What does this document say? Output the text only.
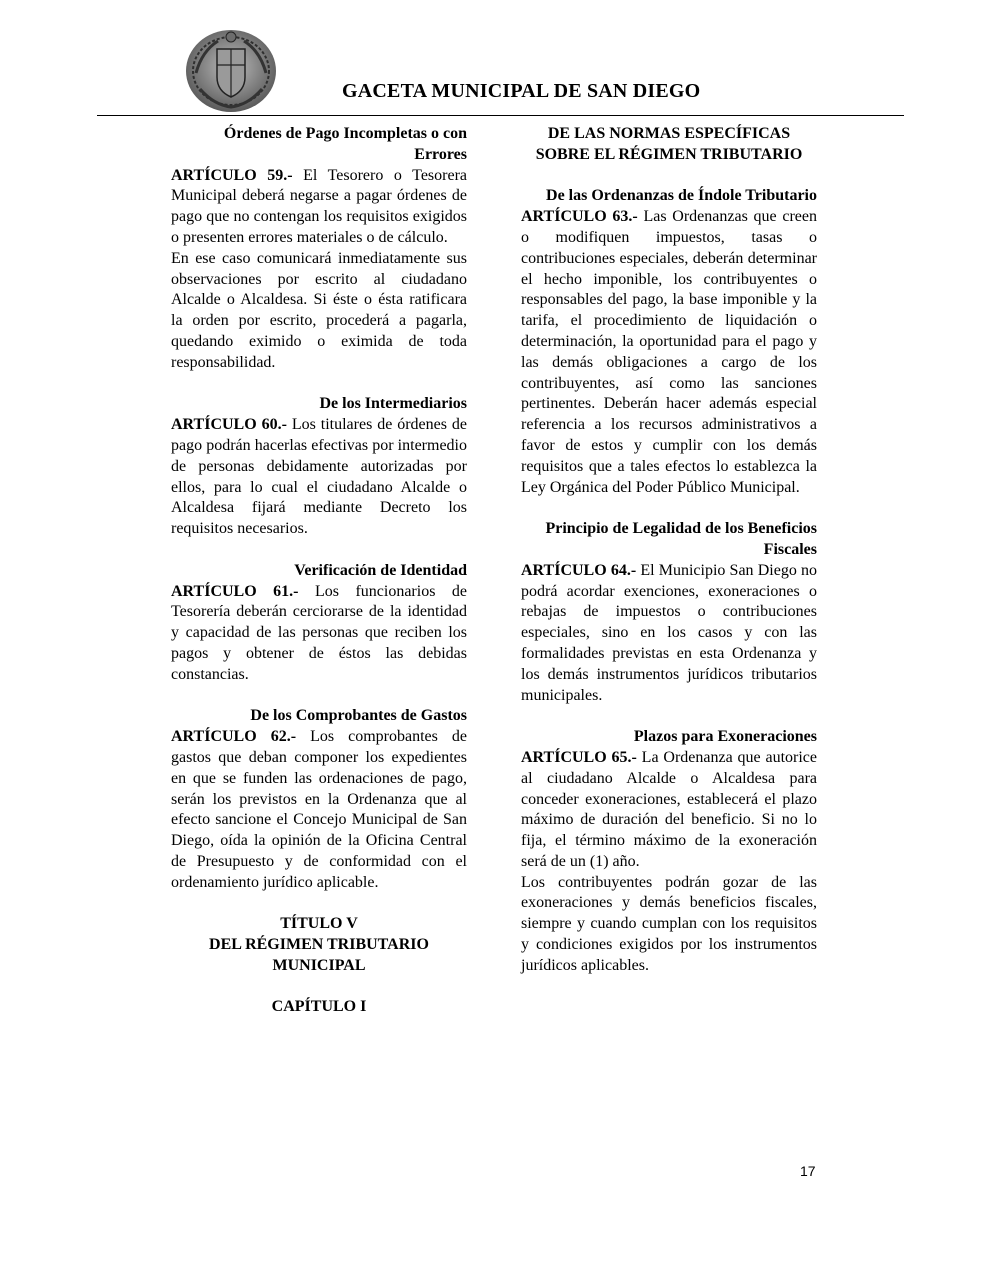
GACETA MUNICIPAL DE SAN DIEGO
Órdenes de Pago Incompletas o con Errores

ARTÍCULO 59.- El Tesorero o Tesorera Municipal deberá negarse a pagar órdenes de pago que no contengan los requisitos exigidos o presenten errores materiales o de cálculo.

En ese caso comunicará inmediatamente sus observaciones por escrito al ciudadano Alcalde o Alcaldesa. Si éste o ésta ratificara la orden por escrito, procederá a pagarla, quedando eximido o eximida de toda responsabilidad.

De los Intermediarios

ARTÍCULO 60.- Los titulares de órdenes de pago podrán hacerlas efectivas por intermedio de personas debidamente autorizadas por ellos, para lo cual el ciudadano Alcalde o Alcaldesa fijará mediante Decreto los requisitos necesarios.

Verificación de Identidad

ARTÍCULO 61.- Los funcionarios de Tesorería deberán cerciorarse de la identidad y capacidad de las personas que reciben los pagos y obtener de éstos las debidas constancias.

De los Comprobantes de Gastos

ARTÍCULO 62.- Los comprobantes de gastos que deban componer los expedientes en que se funden las ordenaciones de pago, serán los previstos en la Ordenanza que al efecto sancione el Concejo Municipal de San Diego, oída la opinión de la Oficina Central de Presupuesto y de conformidad con el ordenamiento jurídico aplicable.

TÍTULO V
DEL RÉGIMEN TRIBUTARIO MUNICIPAL
CAPÍTULO I
DE LAS NORMAS ESPECÍFICAS SOBRE EL RÉGIMEN TRIBUTARIO
De las Ordenanzas de Índole Tributario

ARTÍCULO 63.- Las Ordenanzas que creen o modifiquen impuestos, tasas o contribuciones especiales, deberán determinar el hecho imponible, los contribuyentes o responsables del pago, la base imponible y la tarifa, el procedimiento de liquidación o determinación, la oportunidad para el pago y las demás obligaciones a cargo de los contribuyentes, así como las sanciones pertinentes. Deberán hacer además especial referencia a los recursos administrativos a favor de estos y cumplir con los demás requisitos que a tales efectos lo establezca la Ley Orgánica del Poder Público Municipal.

Principio de Legalidad de los Beneficios Fiscales

ARTÍCULO 64.- El Municipio San Diego no podrá acordar exenciones, exoneraciones o rebajas de impuestos o contribuciones especiales, sino en los casos y con las formalidades previstas en esta Ordenanza y los demás instrumentos jurídicos tributarios municipales.

Plazos para Exoneraciones

ARTÍCULO 65.- La Ordenanza que autorice al ciudadano Alcalde o Alcaldesa para conceder exoneraciones, establecerá el plazo máximo de duración del beneficio. Si no lo fija, el término máximo de la exoneración será de un (1) año.

Los contribuyentes podrán gozar de las exoneraciones y demás beneficios fiscales, siempre y cuando cumplan con los requisitos y condiciones exigidos por los instrumentos jurídicos aplicables.

17
